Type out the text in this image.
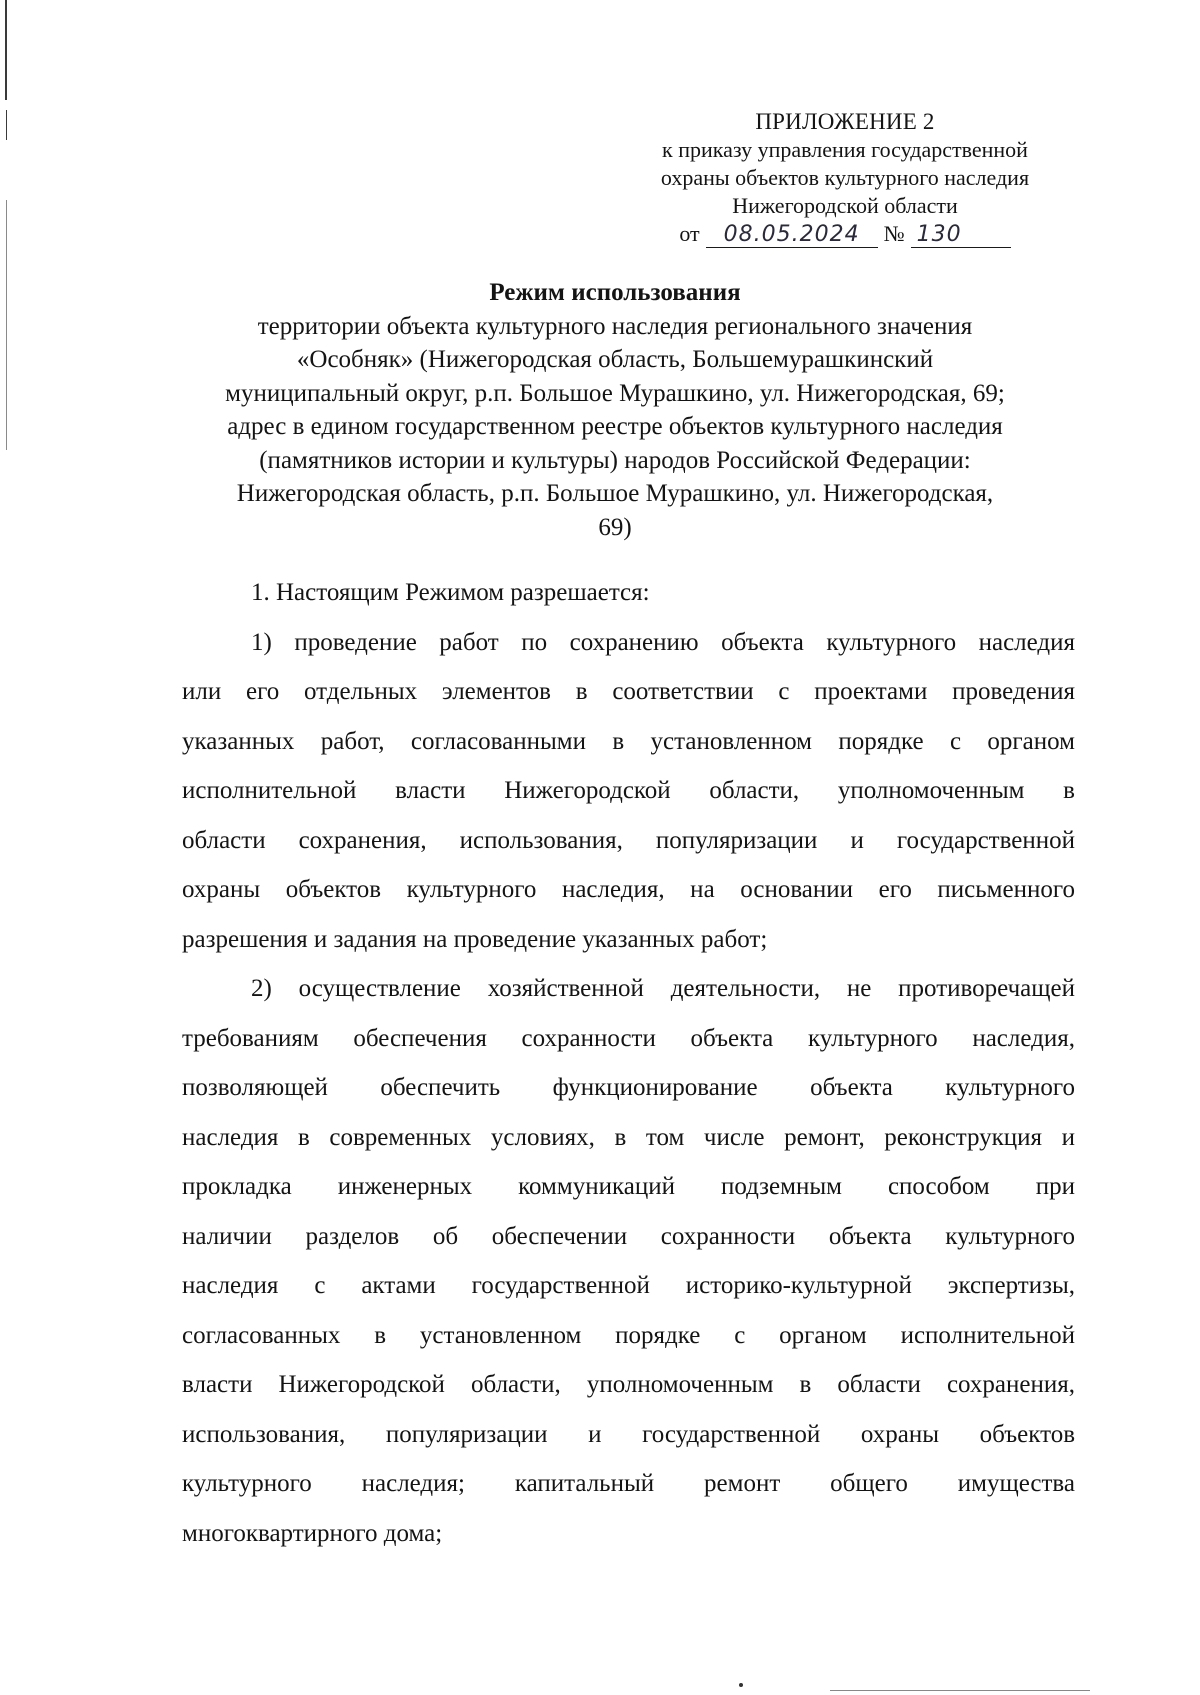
ПРИЛОЖЕНИЕ 2
к приказу управления государственной
охраны объектов культурного наследия
Нижегородской области
от	08.05.2024	№ 130
Режим использования
территории объекта культурного наследия регионального значения
«Особняк» (Нижегородская область, Большемурашкинский
муниципальный округ, р.п. Большое Мурашкино, ул. Нижегородская, 69;
адрес в едином государственном реестре объектов культурного наследия
(памятников истории и культуры) народов Российской Федерации:
Нижегородская область, р.п. Большое Мурашкино, ул. Нижегородская,
69)
1. Настоящим Режимом разрешается:
1) проведение работ по сохранению объекта культурного наследия
или его отдельных элементов в соответствии с проектами проведения
указанных работ, согласованными в установленном порядке с органом
исполнительной власти Нижегородской области, уполномоченным в
области сохранения, использования, популяризации и государственной
охраны объектов культурного наследия, на основании его письменного
разрешения и задания на проведение указанных работ;
2) осуществление хозяйственной деятельности, не противоречащей
требованиям обеспечения сохранности объекта культурного наследия,
позволяющей обеспечить функционирование объекта культурного
наследия в современных условиях, в том числе ремонт, реконструкция и
прокладка инженерных коммуникаций подземным способом при
наличии разделов об обеспечении сохранности объекта культурного
наследия с актами государственной историко-культурной экспертизы,
согласованных в установленном порядке с органом исполнительной
власти Нижегородской области, уполномоченным в области сохранения,
использования, популяризации и государственной охраны объектов
культурного наследия; капитальный ремонт общего имущества
многоквартирного дома;
